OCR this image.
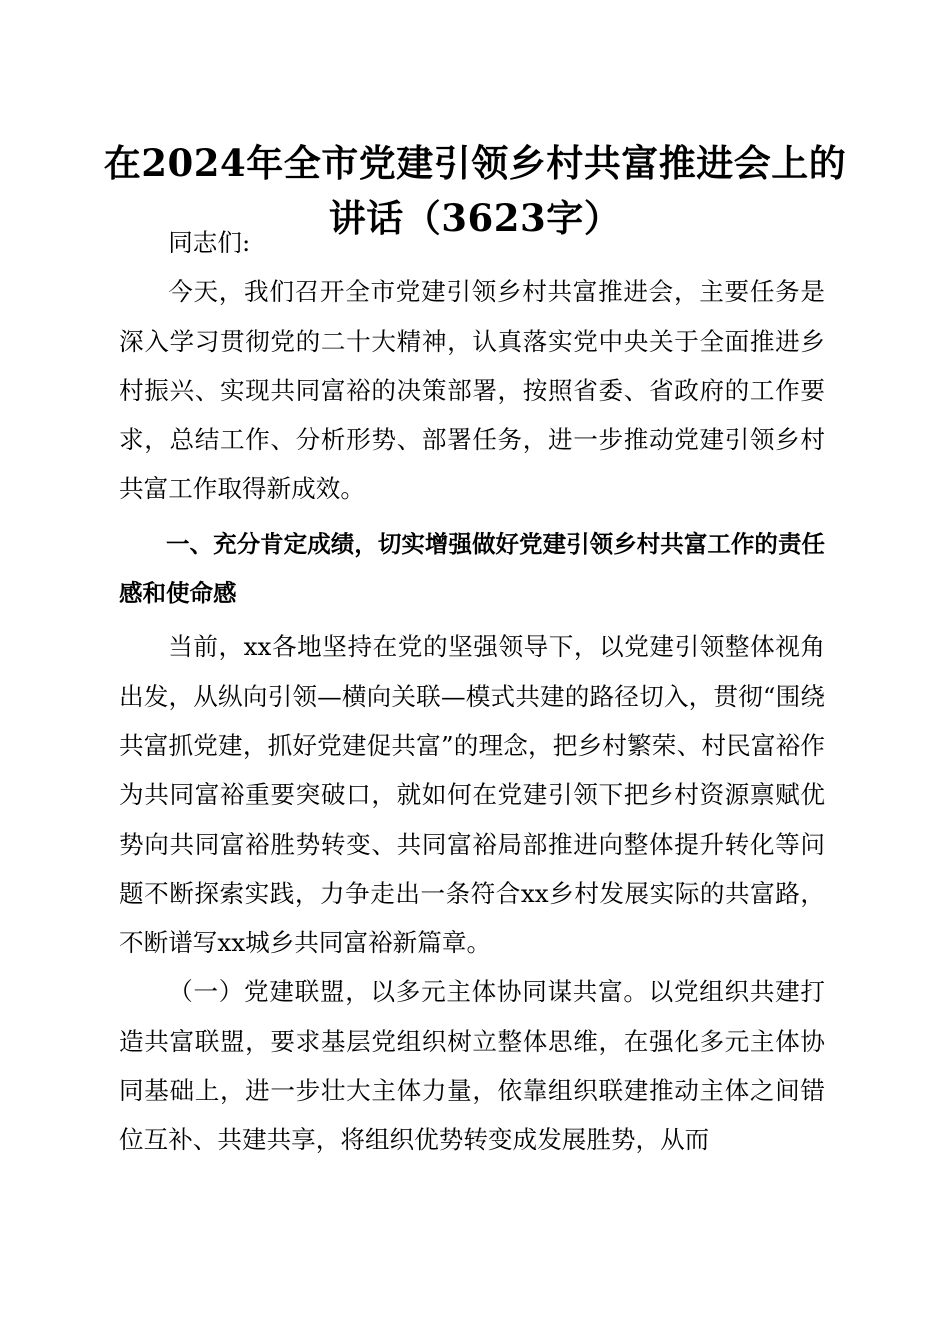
在2024年全市党建引领乡村共富推进会上的
讲话（3623字）

同志们:

今天，我们召开全市党建引领乡村共富推进会，主要任务是深入学习贯彻党的二十大精神，认真落实党中央关于全面推进乡村振兴、实现共同富裕的决策部署，按照省委、省政府的工作要求，总结工作、分析形势、部署任务，进一步推动党建引领乡村共富工作取得新成效。

一、充分肯定成绩，切实增强做好党建引领乡村共富工作的责任感和使命感

当前，xx各地坚持在党的坚强领导下，以党建引领整体视角出发，从纵向引领—横向关联—模式共建的路径切入，贯彻“围绕共富抓党建，抓好党建促共富”的理念，把乡村繁荣、村民富裕作为共同富裕重要突破口，就如何在党建引领下把乡村资源禀赋优势向共同富裕胜势转变、共同富裕局部推进向整体提升转化等问题不断探索实践，力争走出一条符合xx乡村发展实际的共富路，不断谱写xx城乡共同富裕新篇章。

（一）党建联盟，以多元主体协同谋共富。以党组织共建打造共富联盟，要求基层党组织树立整体思维，在强化多元主体协同基础上，进一步壮大主体力量，依靠组织联建推动主体之间错位互补、共建共享，将组织优势转变成发展胜势，从而
